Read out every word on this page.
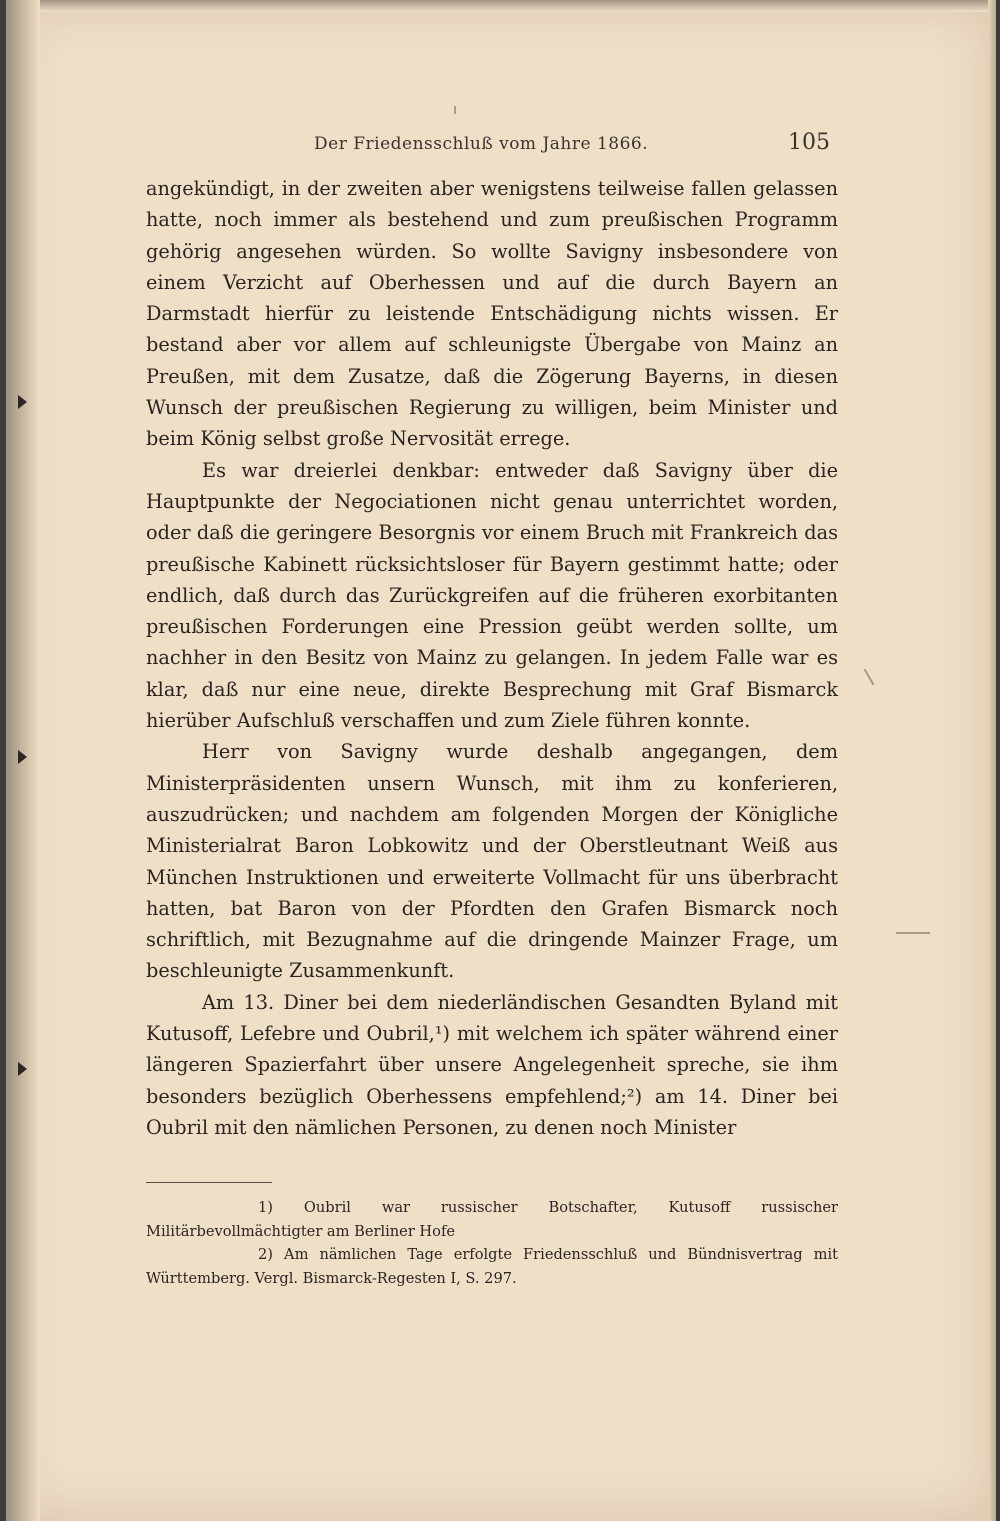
Der Friedensschluß vom Jahre 1866.	105

angekündigt, in der zweiten aber wenigstens teilweise fallen gelassen hatte, noch immer als bestehend und zum preußischen Programm gehörig angesehen würden. So wollte Savigny insbesondere von einem Verzicht auf Oberhessen und auf die durch Bayern an Darmstadt hierfür zu leistende Entschädigung nichts wissen. Er bestand aber vor allem auf schleunigste Übergabe von Mainz an Preußen, mit dem Zusatze, daß die Zögerung Bayerns, in diesen Wunsch der preußischen Regierung zu willigen, beim Minister und beim König selbst große Nervosität errege.

Es war dreierlei denkbar: entweder daß Savigny über die Hauptpunkte der Negociationen nicht genau unterrichtet worden, oder daß die geringere Besorgnis vor einem Bruch mit Frankreich das preußische Kabinett rücksichtsloser für Bayern gestimmt hatte; oder endlich, daß durch das Zurückgreifen auf die früheren exorbitanten preußischen Forderungen eine Pression geübt werden sollte, um nachher in den Besitz von Mainz zu gelangen. In jedem Falle war es klar, daß nur eine neue, direkte Besprechung mit Graf Bismarck hierüber Aufschluß verschaffen und zum Ziele führen konnte.

Herr von Savigny wurde deshalb angegangen, dem Ministerpräsidenten unsern Wunsch, mit ihm zu konferieren, auszudrücken; und nachdem am folgenden Morgen der Königliche Ministerialrat Baron Lobkowitz und der Oberstleutnant Weiß aus München Instruktionen und erweiterte Vollmacht für uns überbracht hatten, bat Baron von der Pfordten den Grafen Bismarck noch schriftlich, mit Bezugnahme auf die dringende Mainzer Frage, um beschleunigte Zusammenkunft.

Am 13. Diner bei dem niederländischen Gesandten Byland mit Kutusoff, Lefebre und Oubril,¹) mit welchem ich später während einer längeren Spazierfahrt über unsere Angelegenheit spreche, sie ihm besonders bezüglich Oberhessens empfehlend;²) am 14. Diner bei Oubril mit den nämlichen Personen, zu denen noch Minister

1) Oubril war russischer Botschafter, Kutusoff russischer Militärbevollmächtigter am Berliner Hofe

2) Am nämlichen Tage erfolgte Friedensschluß und Bündnisvertrag mit Württemberg. Vergl. Bismarck-Regesten I, S. 297.
